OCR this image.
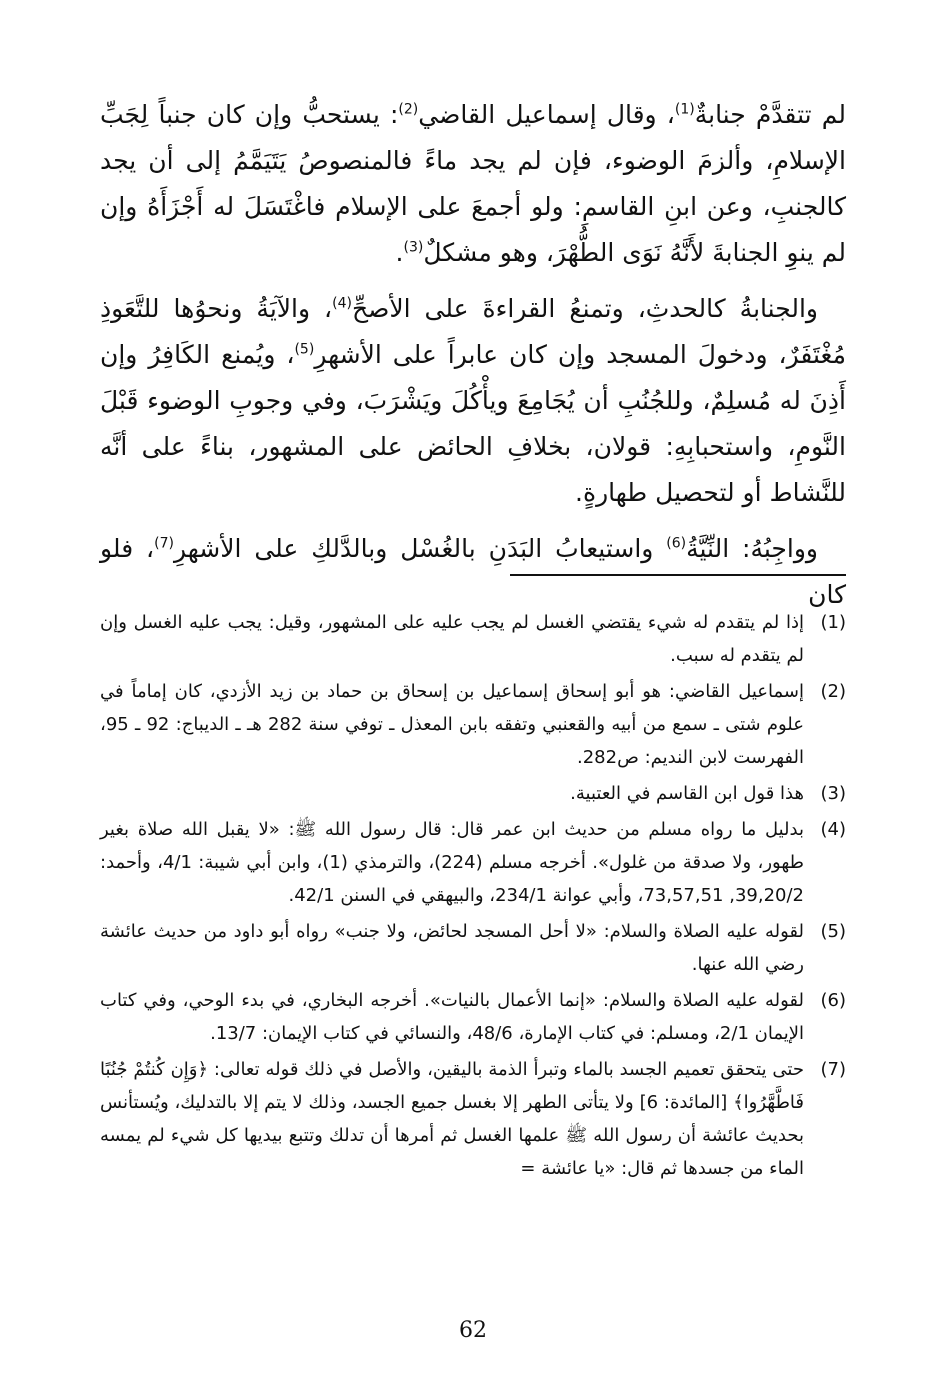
لم تتقدَّمْ جنابةٌ$^{(1)}$، وقال إسماعيل القاضي$^{(2)}$: يستحبُّ وإن كان جنباً لِجَبِّ الإسلامِ، وألزمَ الوضوء، فإن لم يجد ماءً فالمنصوصُ يَتَيَمَّمُ إلى أن يجد كالجنبِ، وعن ابنِ القاسمِ: ولو أجمعَ على الإسلام فاغْتَسَلَ له أَجْزَأَهُ وإن لم ينوِ الجنابةَ لأَنَّهُ نَوَى الطُّهْرَ، وهو مشكلٌ$^{(3)}$.

والجنابةُ كالحدثِ، وتمنعُ القراءةَ على الأصحِّ$^{(4)}$، والآيَةُ ونحوُها للتَّعَوذِ مُغْتَفَرٌ، ودخولَ المسجد وإن كان عابراً على الأشهرِ$^{(5)}$، ويُمنع الكَافِرُ وإن أَذِنَ له مُسلِمٌ، وللجُنُبِ أن يُجَامِعَ ويأْكُلَ ويَشْرَبَ، وفي وجوبِ الوضوء قَبْلَ النَّومِ، واستحبابِهِ: قولان، بخلافِ الحائض على المشهور، بناءً على أنَّه للنَّشاط أو لتحصيل طهارةٍ.

وواجِبُهُ: النِّيَّةُ$^{(6)}$ واستيعابُ البَدَنِ بالغُسْل وبالدَّلكِ على الأشهرِ$^{(7)}$، فلو كان

(1)
إذا لم يتقدم له شيء يقتضي الغسل لم يجب عليه على المشهور، وقيل: يجب عليه الغسل وإن لم يتقدم له سبب.
(2)
إسماعيل القاضي: هو أبو إسحاق إسماعيل بن إسحاق بن حماد بن زيد الأزدي، كان إماماً في علوم شتى ـ سمع من أبيه والقعنبي وتفقه بابن المعذل ـ توفي سنة 282 هـ ـ الديباج: 92 ـ 95، الفهرست لابن النديم: ص282.
(3)
هذا قول ابن القاسم في العتبية.
(4)
بدليل ما رواه مسلم من حديث ابن عمر قال: قال رسول الله ﷺ: «لا يقبل الله صلاة بغير طهور، ولا صدقة من غلول». أخرجه مسلم (224)، والترمذي (1)، وابن أبي شيبة: 4/1، وأحمد: 39,20/2, 73,57,51، وأبي عوانة 234/1، والبيهقي في السنن 42/1.
(5)
لقوله عليه الصلاة والسلام: «لا أحل المسجد لحائض، ولا جنب» رواه أبو داود من حديث عائشة رضي الله عنها.
(6)
لقوله عليه الصلاة والسلام: «إنما الأعمال بالنيات». أخرجه البخاري، في بدء الوحي، وفي كتاب الإيمان 2/1، ومسلم: في كتاب الإمارة، 48/6، والنسائي في كتاب الإيمان: 13/7.
(7)
حتى يتحقق تعميم الجسد بالماء وتبرأ الذمة باليقين، والأصل في ذلك قوله تعالى: ﴿وَإِن كُنتُمْ جُنُبًا فَاطَّهَّرُوا﴾ [المائدة: 6] ولا يتأتى الطهر إلا بغسل جميع الجسد، وذلك لا يتم إلا بالتدليك، ويُستأنس بحديث عائشة أن رسول الله ﷺ علمها الغسل ثم أمرها أن تدلك وتتبع بيديها كل شيء لم يمسه الماء من جسدها ثم قال: «يا عائشة =
62
